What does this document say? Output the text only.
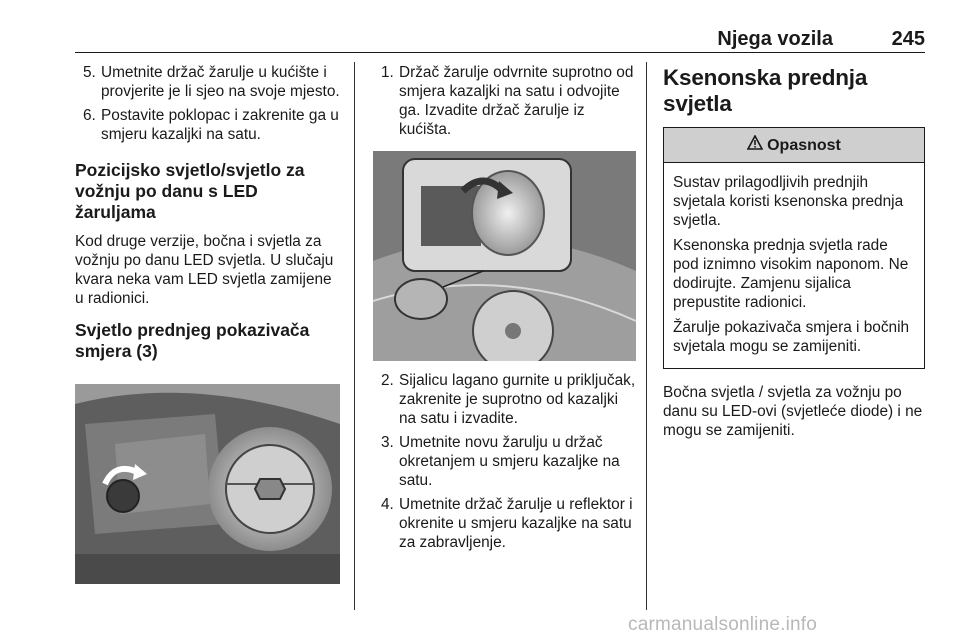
Njega vozila	245
5. Umetnite držač žarulje u kućište i provjerite je li sjeo na svoje mjesto.
6. Postavite poklopac i zakrenite ga u smjeru kazaljki na satu.
Pozicijsko svjetlo/svjetlo za vožnju po danu s LED žaruljama
Kod druge verzije, bočna i svjetla za vožnju po danu LED svjetla. U slučaju kvara neka vam LED svjetla zamijene u radionici.
Svjetlo prednjeg pokazivača smjera (3)
1. Držač žarulje odvrnite suprotno od smjera kazaljki na satu i odvojite ga. Izvadite držač žarulje iz kućišta.
2. Sijalicu lagano gurnite u priključak, zakrenite je suprotno od kazaljki na satu i izvadite.
3. Umetnite novu žarulju u držač okretanjem u smjeru kazaljke na satu.
4. Umetnite držač žarulje u reflektor i okrenite u smjeru kazaljke na satu za zabravljenje.
Ksenonska prednja svjetla
Opasnost

Sustav prilagodljivih prednjih svjetala koristi ksenonska prednja svjetla.

Ksenonska prednja svjetla rade pod iznimno visokim naponom. Ne dodirujte. Zamjenu sijalica prepustite radionici.

Žarulje pokazivača smjera i bočnih svjetala mogu se zamijeniti.

Bočna svjetla / svjetla za vožnju po danu su LED-ovi (svjetleće diode) i ne mogu se zamijeniti.
carmanualsonline.info
